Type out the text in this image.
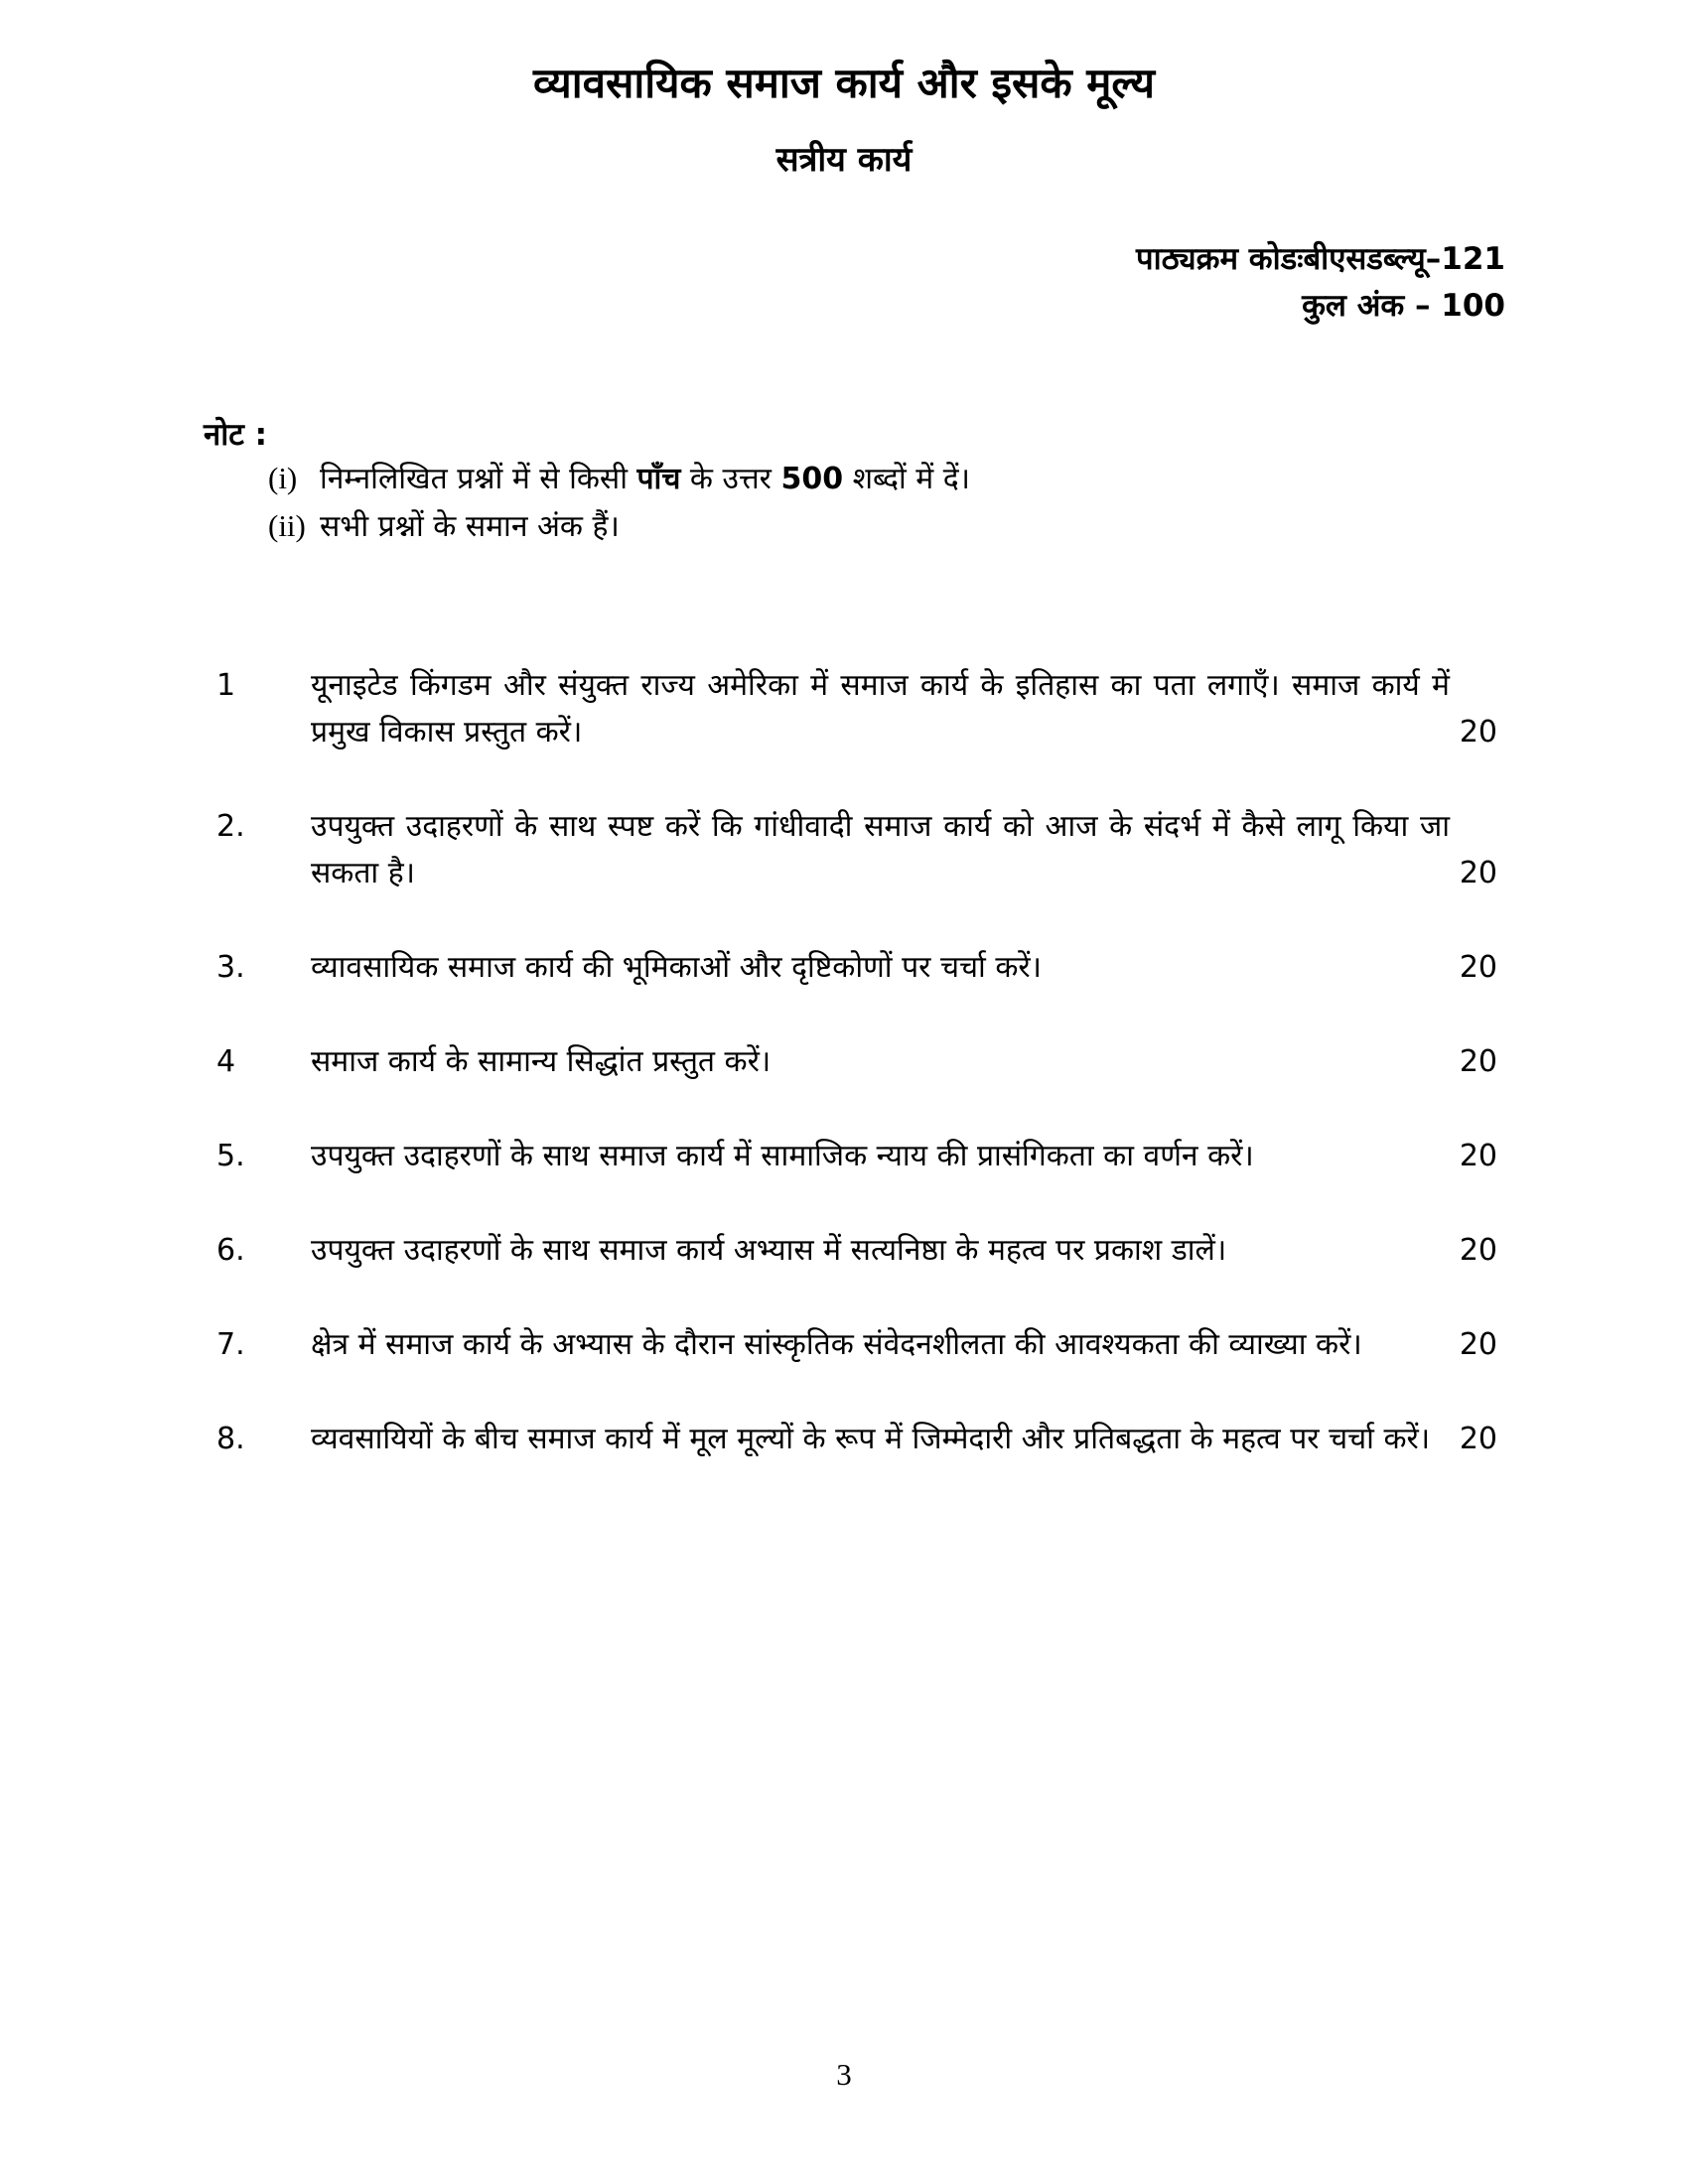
व्यावसायिक समाज कार्य और इसके मूल्य
सत्रीय कार्य
पाठ्यक्रम कोडःबीएसडब्ल्यू–121
कुल अंक – 100
नोट :
(i) निम्नलिखित प्रश्नों में से किसी पाँच के उत्तर 500 शब्दों में दें।
(ii) सभी प्रश्नों के समान अंक हैं।
1	यूनाइटेड किंगडम और संयुक्त राज्य अमेरिका में समाज कार्य के इतिहास का पता लगाएँ। समाज कार्य में प्रमुख विकास प्रस्तुत करें।	20
2.	उपयुक्त उदाहरणों के साथ स्पष्ट करें कि गांधीवादी समाज कार्य को आज के संदर्भ में कैसे लागू किया जा सकता है।	20
3.	व्यावसायिक समाज कार्य की भूमिकाओं और दृष्टिकोणों पर चर्चा करें।	20
4	समाज कार्य के सामान्य सिद्धांत प्रस्तुत करें।	20
5.	उपयुक्त उदाहरणों के साथ समाज कार्य में सामाजिक न्याय की प्रासंगिकता का वर्णन करें।	20
6.	उपयुक्त उदाहरणों के साथ समाज कार्य अभ्यास में सत्यनिष्ठा के महत्व पर प्रकाश डालें।	20
7.	क्षेत्र में समाज कार्य के अभ्यास के दौरान सांस्कृतिक संवेदनशीलता की आवश्यकता की व्याख्या करें।	20
8.	व्यवसायियों के बीच समाज कार्य में मूल मूल्यों के रूप में जिम्मेदारी और प्रतिबद्धता के महत्व पर चर्चा करें। 20
3
